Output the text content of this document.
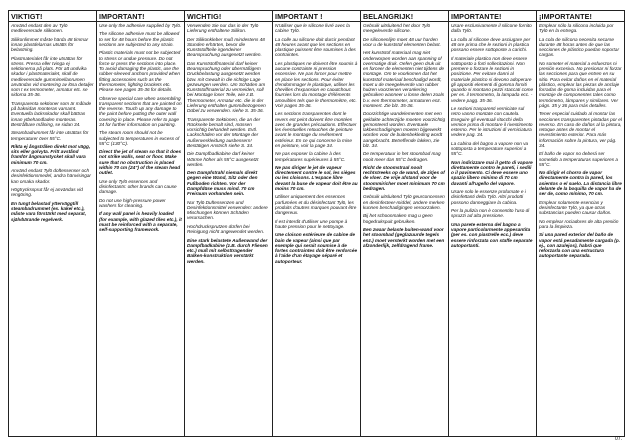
VIKTIGT!

Använd endast den av Tylö medlevererade silikonen.

Silikonlimmet måste härda 48 timmar innan plastdelarnas utsätts för belastning.

Plastmaterialet får inte utsättas för stress. Pressa eller tvinga ej sektionerna på plats. För att undvika skador i plastmaterialet, skall de medlevererade gummimellanrumen användas vid montering av lösa detaljer som t ex termometer, armatur etc. se sidorna 35-36.

Transparenta sektioner som är målade på baksidan monteras varsamt. Eventuella lacksskador skall bättras innan ytbehandladen monteras. Bestrålbare målning, se sidan 34.

Steambadrummet får inte utsättas för temperaturer över 55°C.

Rikta ej ångstrålen direkt mot vägg, sits eller golvyta. Fritt avstånd framför ångmunstycket skall vara minimum 70 cm.

Använd endast Tylö doftessenser och desinfektionsmedel, andra hänvisingar kan orsaka skador.

Högtryckssprut får ej användas vid rengöring.

En tungt belastad ytterväggtill steambadrummet (ex. kakel etc.), måste vara förstärkt med separat, självbärande regelverk.

IMPORTANT!

Use only the adhesive supplied by Tylö.

The silicone adhesive must be allowed to set for 48 hours before the plastic sections are subjected to any strain.

Plastic materials must not be subjected to stress or undue pressure. Do not force or press the sections into place. To avoid damaging the plastic, use the rubber-sleeved anchors provided when fitting accessories such as the thermometer, lighting brackets etc. Please see pages 35-36 for details.

Observe special care when assembling transparent sections that are painted on the reverse. Touch up any damage to the paint before putting the outer wall covering in place. Please refer to page 34 for further information on painting.

The steam room should not be subjected to temperatures in excess of 55°C (130°C).

Direct the jet of steam so that it does not strike walls, seat or floor. Make sure that no obstruction is placed within 70 cm (24") of the steam head outlet.

Use only Tylö essences and disinfectants: other brands can cause damage.

Do not use high-pressure power washers for cleaning.

If any wall panel is heavily loaded (for example, with glazed tiles etc.), it must be reinforced with a separate, self-supporting framework.

WICHTIG!

Verwenden Sie nur das in der Tylö Lieferung enthaltene Silikon.

Der Silikonkleber muß mindestens 48 Stunden erhärten, bevor die Kunststoffteile irgendeiner Beanspruchung ausgesetzt werden.

Das Kunststoffmaterial darf keiner Beanspruchung oder übermäßigem Druckbelastung ausgesetzt werden bzw. mit Gewalt in die richtige Lage gezwungen werden. Um Schäden am Kunststoffmaterial zu vermeiden, soll bei Montage loser Teile, wie z.B. Thermometer, Armatur etc. die in der Lieferung enthalten gummibezogenen Dübel zu verwenden. siehe S. 35-36.

Transparente Sektionen, die an der Rückseite bemalt sind, müssen vorsichtig behandelt werden. Evtl. Lackschäden vor der Montage der Außenverkleidung ausbessern! Bestätigen Anstrich siehe S. 34.

Die Dampfbadkabine darf keiner Wärme höher als 55°C ausgesetzt werden.

Den Dampfstrahl niemals direkt gegen eine Wand, Sitz oder den Fußboden richten. Vor der Dampfdüse muss mind. 70 cm Freiraum vorhanden sein.

Nur Tylö Duftessenzen und Desinfektionsmittel verwenden: andere Mischungen können Schäden verursachen.

Hochdrucksprutzen dürfen bei Reinigung nicht angewendet werden.

Eine stark belastete Außenwand der Dampfbadkabine (z.B. durch Fliesen etc.) muß mit selbsttragender Balken-konstruktion verstärkt werden.

IMPORTANT !

N'utiliser que le silicone livré avec la cabine Tylö.

La colle au silicone doit durcir pendant 48 heures avant que les sections en plastique puissent être soumises à des contraintes.

Les plastiques ne doivent être soumis à aucune contrainte ni pression excessive. Ne pas forcer pour mettre en place les sections. Pour éviter d'endommager le plastique, utiliser les chevilles d'expansion en caoutchouc fournies lors du montage d'éléments amovibles tels que le thermomètre, etc. Voir pages 35-36.

Les sections transparentes dont le revers est peint doivent être montées avec de grandes précautions. Effectuer les éventuelles retouches de peinture avant le montage du revêtement extérieur. En ce qui concerne la mise en peinture, voir la page 34.

Ne pas exposer la cabine à des températures supérieures à 55°C.

Ne pas diriger le jet de vapeur directement contre le sol, les sièges ou les cloisons. L'espace libre devant la buse de vapeur doit être au moins 70 cm.

Utiliser uniquement des essences parfumées et du désinfectant Tylö, les produits d'autres marques pouvant être dangereux.

Il est interdit d'utiliser une pompe à haute pression pour le nettoyage.

Une cloison extérieure de cabine de bain de vapeur (ainsi que par exemple qui serait soumise à de fortes contraintes doit être renforcée à l'aide d'un étayage séparé et autoporteur.

BELANGRIJK!

Gebruik uitsluitend het door Tylö meegeleverde silicone.

De siliconenlijm moet 48 uur harden voor u de kunststof elementen belast.

Het kunststof materiaal mag niet onderworpen worden aan spanning of overmatige druk. Oefen geen druk uit en forceer de elementen niet tijdens de montage. Om te voorkomen dat het kunststof materiaal beschadigd wordt, moet u de meegeleverde van rubber huizen voorzienen verankering gebruiken wanneer u losse delen zoals b.v. een thermometer, armaturen enz. monteert. Zie blz. 35-36.

Doorzichtige wandelementen met een geklakte achterzijde moeten voorzichtig gemonteerd worden. Eventuele lakbeschadigingen moeten bijgewerkt worden voor de buitenbekleding wordt aangebracht. Betreffende lakken, zie blz. 34.

De temperatuur in het stoombad mag nooit meer dan 55°C bedragen.

Richt de stoomstraal nooit rechtstreeks op de wand, de zitjes of de vloer. De vrije afstand voor de stoommiricher moet minimum 70 cm bedragen.

Gebruik uitsluitend Tylö geurconcessen en desinfecteer-middel, andere merken kunnen beschadigingen veroorzaken.

Bij het schoonmaken mag u geen hogedrukspuit gebruiken.

Een zwaar belaste buiten-wand voor het stoombad (geglazuurde tegels enz.) moet versterkt worden met een afzonderlijk, zelfdragend frame.

IMPORTANTE!

Usare esclusivamente il silicone fornito dalla Tylö.

La colla al silicone deve asciugare per 48 ore prima che le sezioni in plastica possano essere sottoposte a carichi.

Il materiale plastico non deve essere sottoposto a forti sollecitazioni. Non premere o forzare le sezioni in posizione. Per evitare danni al materiale plastico si devono adoperare gli appositi elementi di gomma forniti quando si montano pezzi staccati come per es. il termometro, la lampada ecc. - vedere pagg. 35-36.

Le sezioni trasparenti verniciate sul retro vanno montate con cautela. Eseguire gli eventuali ritocchi della vernice prima di montare il rivestimento esterno. Per le istruzioni di verniciatura vedere pag. 34.

La cabina del bagno a vapore non va sottoposta a temperature superiori a 55°C.

Non indirizzare mai il getto di vapore direttamente contro le pareti, i sedili o il pavimento. Ci deve essere uno spazio libero minimo di 70 cm davanti all'ugello del vapore.

Usare solo le essenze profumate e i disinfettanti della Tylö. Altri prodotti possono danneggiare la cabina.

Per la pulizia non è consentito l'uso di spruzzi ad alta pressione.

Una parete esterna del bagno a vapore particolarmente appesantita (per es. con piastrelle ecc.) deve essere rinforzata con staffe separate autoportanti.

¡IMPORTANTE!

Emplear sólo la silicona incluida por Tylö en la entrega.

La cola de silicona necesita secarse durante 48 horas antes de que las secciones de plástico puedan soportar cargas.

No someter el material a esfuerzos ni presión excesiva. No presionar ni forzar las secciones para que entren en su sitio. Para evitar daños en el material plástico, emplear las piezas de anclaje forradas de goma incluidas para el montaje de componentes tales como termómetro, lámpares y similares. Ver págs. 35 y 36 para más detalles.

Tener especial cuidado al montar las secciones transparentes pintadas por el reverso. En caso de daños al la pintura, retoque antes de montar el revestimiento exterior. Para más información sobre la pintura, ver pág. 34.

El baño de vapor no deberá ser sometido a temperaturas superiores a 55°C.

No dirigir el chorro de vapor directamente contra la pared, los asientos o el suelo. La distancia libre delante de la boquilla de vapor ha de ser de, como mínimo, 70 cm.

Emplear solamente esencias y desinfectante Tylö, ya que otras substancias pueden causar daños.

No emplear rociadores de alta presión para la limpieza.

Si una pared exterior del baño de vapor está pesadamente cargada (p. ej., con azulejos), habrá que reforzarla con una estructura autoportante separada.

07.
